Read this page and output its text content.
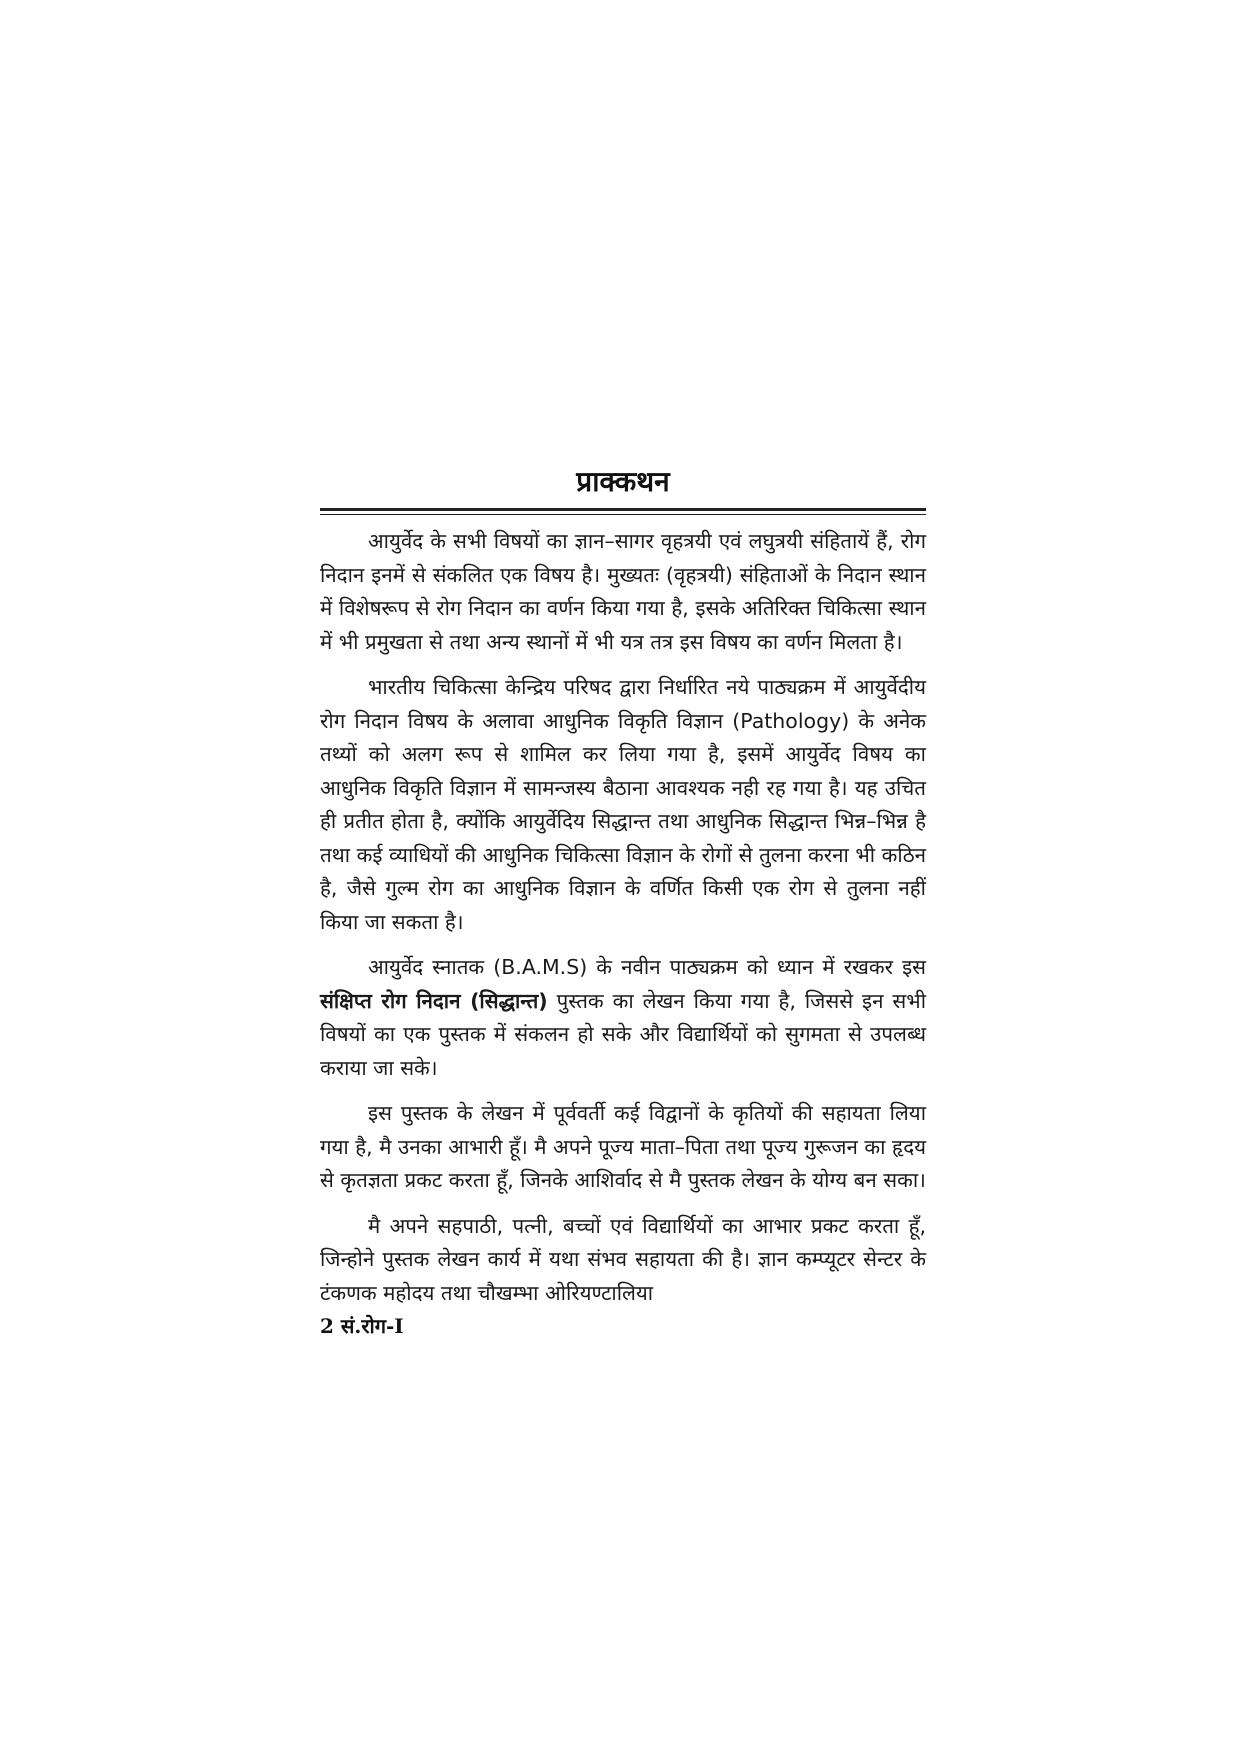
प्राक्कथन

आयुर्वेद के सभी विषयों का ज्ञान–सागर वृहत्रयी एवं लघुत्रयी संहितायें हैं, रोग निदान इनमें से संकलित एक विषय है। मुख्यतः (वृहत्रयी) संहिताओं के निदान स्थान में विशेषरूप से रोग निदान का वर्णन किया गया है, इसके अतिरिक्त चिकित्सा स्थान में भी प्रमुखता से तथा अन्य स्थानों में भी यत्र तत्र इस विषय का वर्णन मिलता है।

भारतीय चिकित्सा केन्द्रिय परिषद द्वारा निर्धारित नये पाठ्यक्रम में आयुर्वेदीय रोग निदान विषय के अलावा आधुनिक विकृति विज्ञान (Pathology) के अनेक तथ्यों को अलग रूप से शामिल कर लिया गया है, इसमें आयुर्वेद विषय का आधुनिक विकृति विज्ञान में सामन्जस्य बैठाना आवश्यक नही रह गया है। यह उचित ही प्रतीत होता है, क्योंकि आयुर्वेदिय सिद्धान्त तथा आधुनिक सिद्धान्त भिन्न–भिन्न है तथा कई व्याधियों की आधुनिक चिकित्सा विज्ञान के रोगों से तुलना करना भी कठिन है, जैसे गुल्म रोग का आधुनिक विज्ञान के वर्णित किसी एक रोग से तुलना नहीं किया जा सकता है।

आयुर्वेद स्नातक (B.A.M.S) के नवीन पाठ्यक्रम को ध्यान में रखकर इस संक्षिप्त रोग निदान (सिद्धान्त) पुस्तक का लेखन किया गया है, जिससे इन सभी विषयों का एक पुस्तक में संकलन हो सके और विद्यार्थियों को सुगमता से उपलब्ध कराया जा सके।

इस पुस्तक के लेखन में पूर्ववर्ती कई विद्वानों के कृतियों की सहायता लिया गया है, मै उनका आभारी हूँ। मै अपने पूज्य माता–पिता तथा पूज्य गुरूजन का हृदय से कृतज्ञता प्रकट करता हूँ, जिनके आशिर्वाद से मै पुस्तक लेखन के योग्य बन सका।

मै अपने सहपाठी, पत्नी, बच्चों एवं विद्यार्थियों का आभार प्रकट करता हूँ, जिन्होने पुस्तक लेखन कार्य में यथा संभव सहायता की है। ज्ञान कम्प्यूटर सेन्टर के टंकणक महोदय तथा चौखम्भा ओरियण्टालिया

2 सं.रोग-I
